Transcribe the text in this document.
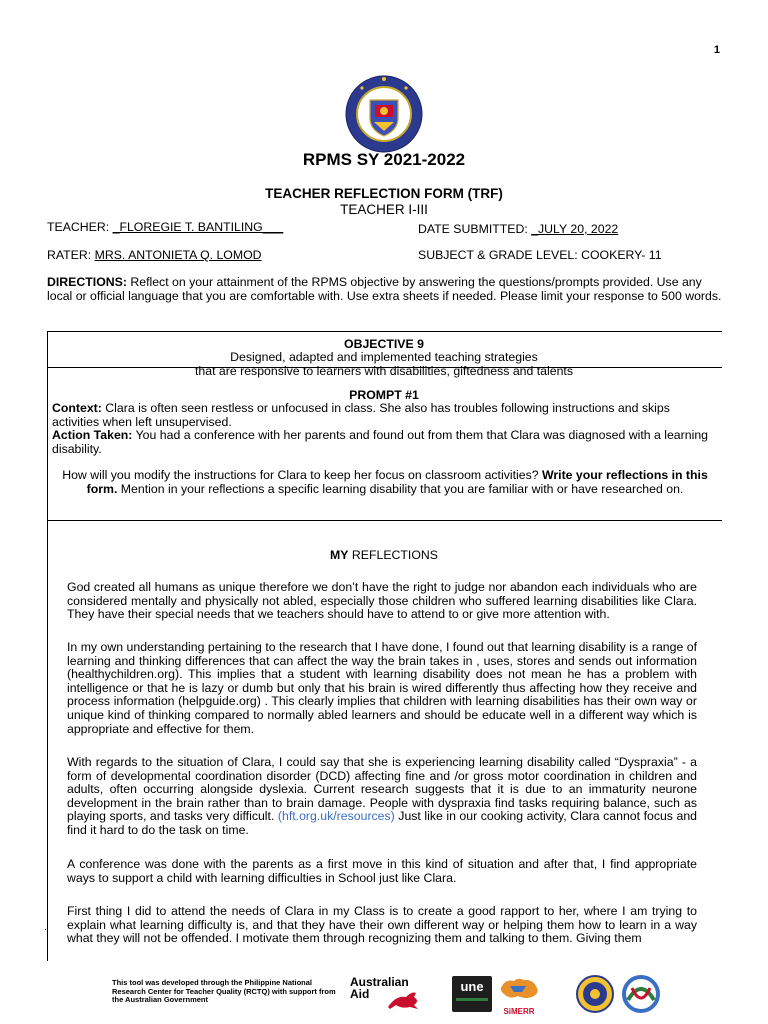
1
RPMS SY 2021-2022
TEACHER REFLECTION FORM (TRF)
TEACHER I-III
TEACHER: _FLOREGIE T. BANTILING___	DATE SUBMITTED: _JULY 20, 2022
RATER: MRS. ANTONIETA Q. LOMOD	SUBJECT & GRADE LEVEL: COOKERY- 11
DIRECTIONS: Reflect on your attainment of the RPMS objective by answering the questions/prompts provided. Use any local or official language that you are comfortable with. Use extra sheets if needed. Please limit your response to 500 words.
OBJECTIVE 9
Designed, adapted and implemented teaching strategies
that are responsive to learners with disabilities, giftedness and talents
PROMPT #1
Context: Clara is often seen restless or unfocused in class. She also has troubles following instructions and skips activities when left unsupervised.
Action Taken: You had a conference with her parents and found out from them that Clara was diagnosed with a learning disability.
How will you modify the instructions for Clara to keep her focus on classroom activities? Write your reflections in this form. Mention in your reflections a specific learning disability that you are familiar with or have researched on.
MY REFLECTIONS
God created all humans as unique therefore we don’t have the right to judge nor abandon each individuals who are considered mentally and physically not abled, especially those children who suffered learning disabilities like Clara. They have their special needs that we teachers should have to attend to or give more attention with.
In my own understanding pertaining to the research that I have done, I found out that learning disability is a range of learning and thinking differences that can affect the way the brain takes in , uses, stores and sends out information (healthychildren.org). This implies that a student with learning disability does not mean he has a problem with intelligence or that he is lazy or dumb but only that his brain is wired differently thus affecting how they receive and process information (helpguide.org) . This clearly implies that children with learning disabilities has their own way or unique kind of thinking compared to normally abled learners and should be educate well in a different way which is appropriate and effective for them.
With regards to the situation of Clara, I could say that she is experiencing learning disability called “Dyspraxia” - a form of developmental coordination disorder (DCD) affecting fine and /or gross motor coordination in children and adults, often occurring alongside dyslexia. Current research suggests that it is due to an immaturity neurone development in the brain rather than to brain damage. People with dyspraxia find tasks requiring balance, such as playing sports, and tasks very difficult. (hft.org.uk/resources) Just like in our cooking activity, Clara cannot focus and find it hard to do the task on time.
A conference was done with the parents as a first move in this kind of situation and after that, I find appropriate ways to support a child with learning difficulties in School just like Clara.
First thing I did to attend the needs of Clara in my Class is to create a good rapport to her, where I am trying to explain what learning difficulty is, and that they have their own different way or helping them how to learn in a way what they will not be offended. I motivate them through recognizing them and talking to them. Giving them
.
This tool was developed through the Philippine National Research Center for Teacher Quality (RCTQ) with support from the Australian Government
Australian
Aid	une
SiMERR
